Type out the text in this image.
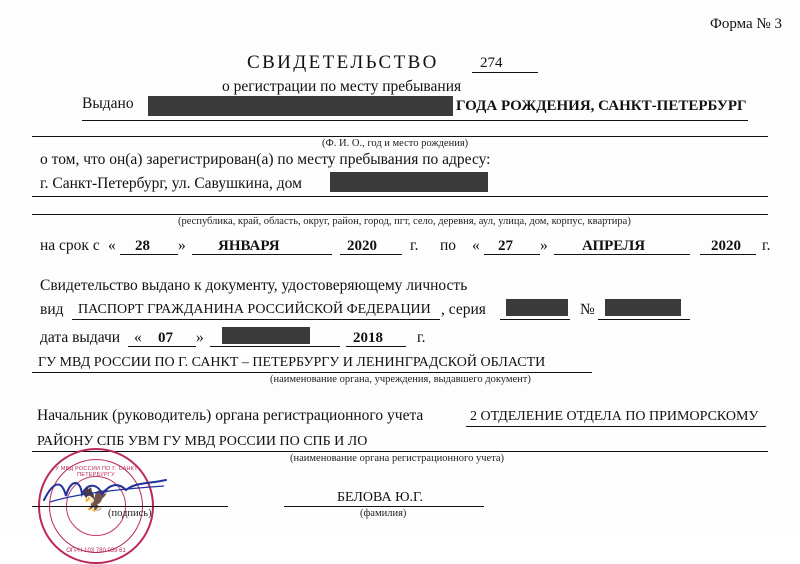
Форма № 3
СВИДЕТЕЛЬСТВО	274
о регистрации по месту пребывания
Выдано	ГОДА РОЖДЕНИЯ, САНКТ-ПЕТЕРБУРГ
(Ф. И. О., год и место рождения)
о том, что он(а) зарегистрирован(а) по месту пребывания по адресу:
г. Санкт-Петербург, ул. Савушкина, дом
(республика, край, область, округ, район, город, пгт, село, деревня, аул, улица, дом, корпус, квартира)
на срок с « 28 » ЯНВАРЯ	2020 г. по « 27 » АПРЕЛЯ	2020 г.
Свидетельство выдано к документу, удостоверяющему личность
вид ПАСПОРТ ГРАЖДАНИНА РОССИЙСКОЙ ФЕДЕРАЦИИ , серия	№
дата выдачи « 07 »	2018 г.
ГУ МВД РОССИИ ПО Г. САНКТ – ПЕТЕРБУРГУ И ЛЕНИНГРАДСКОЙ ОБЛАСТИ
(наименование органа, учреждения, выдавшего документ)
Начальник (руководитель) органа регистрационного учета	2 ОТДЕЛЕНИЕ ОТДЕЛА ПО ПРИМОРСКОМУ
РАЙОНУ СПБ УВМ ГУ МВД РОССИИ ПО СПБ И ЛО
(наименование органа регистрационного учета)
🦅
ГУ МВД РОССИИ ПО Г. САНКТ-ПЕТЕРБУРГУ
ОГРН 103 780 039 61
(подпись)
БЕЛОВА Ю.Г.
(фамилия)
